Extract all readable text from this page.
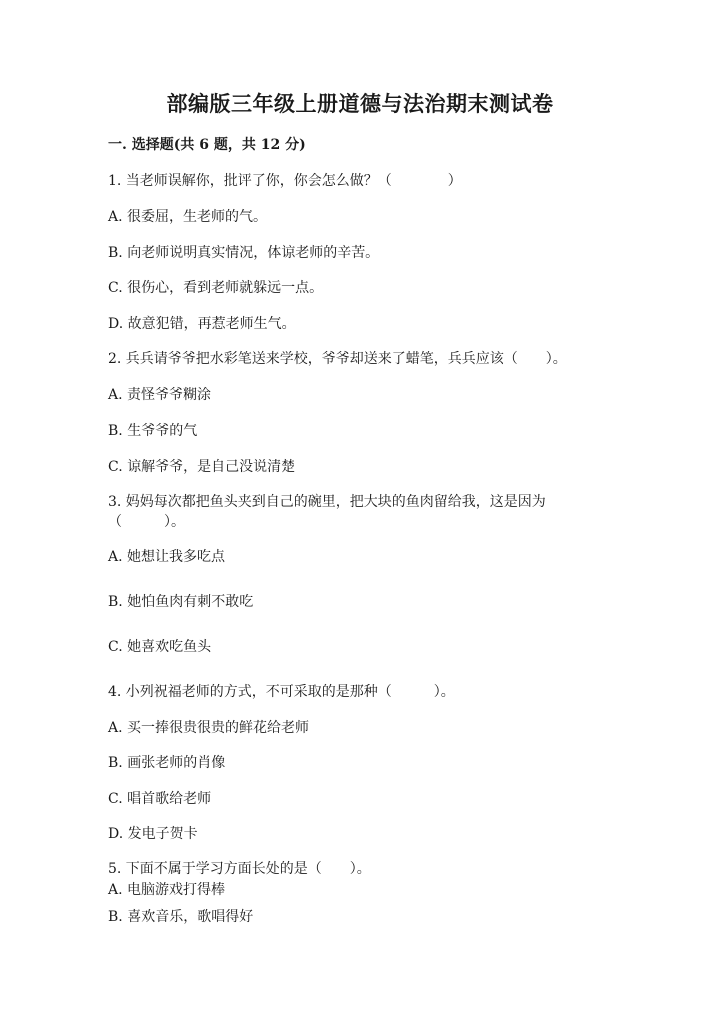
部编版三年级上册道德与法治期末测试卷
一. 选择题(共 6 题，共 12 分)
1. 当老师误解你，批评了你，你会怎么做？（　　　　）
A. 很委屈，生老师的气。
B. 向老师说明真实情况，体谅老师的辛苦。
C. 很伤心，看到老师就躲远一点。
D. 故意犯错，再惹老师生气。
2. 兵兵请爷爷把水彩笔送来学校，爷爷却送来了蜡笔，兵兵应该（　　）。
A. 责怪爷爷糊涂
B. 生爷爷的气
C. 谅解爷爷，是自己没说清楚
3. 妈妈每次都把鱼头夹到自己的碗里，把大块的鱼肉留给我，这是因为
（　　　）。
A. 她想让我多吃点
B. 她怕鱼肉有刺不敢吃
C. 她喜欢吃鱼头
4. 小列祝福老师的方式，不可采取的是那种（　　　）。
A. 买一捧很贵很贵的鲜花给老师
B. 画张老师的肖像
C. 唱首歌给老师
D. 发电子贺卡
5. 下面不属于学习方面长处的是（　　）。
A. 电脑游戏打得棒
B. 喜欢音乐，歌唱得好
